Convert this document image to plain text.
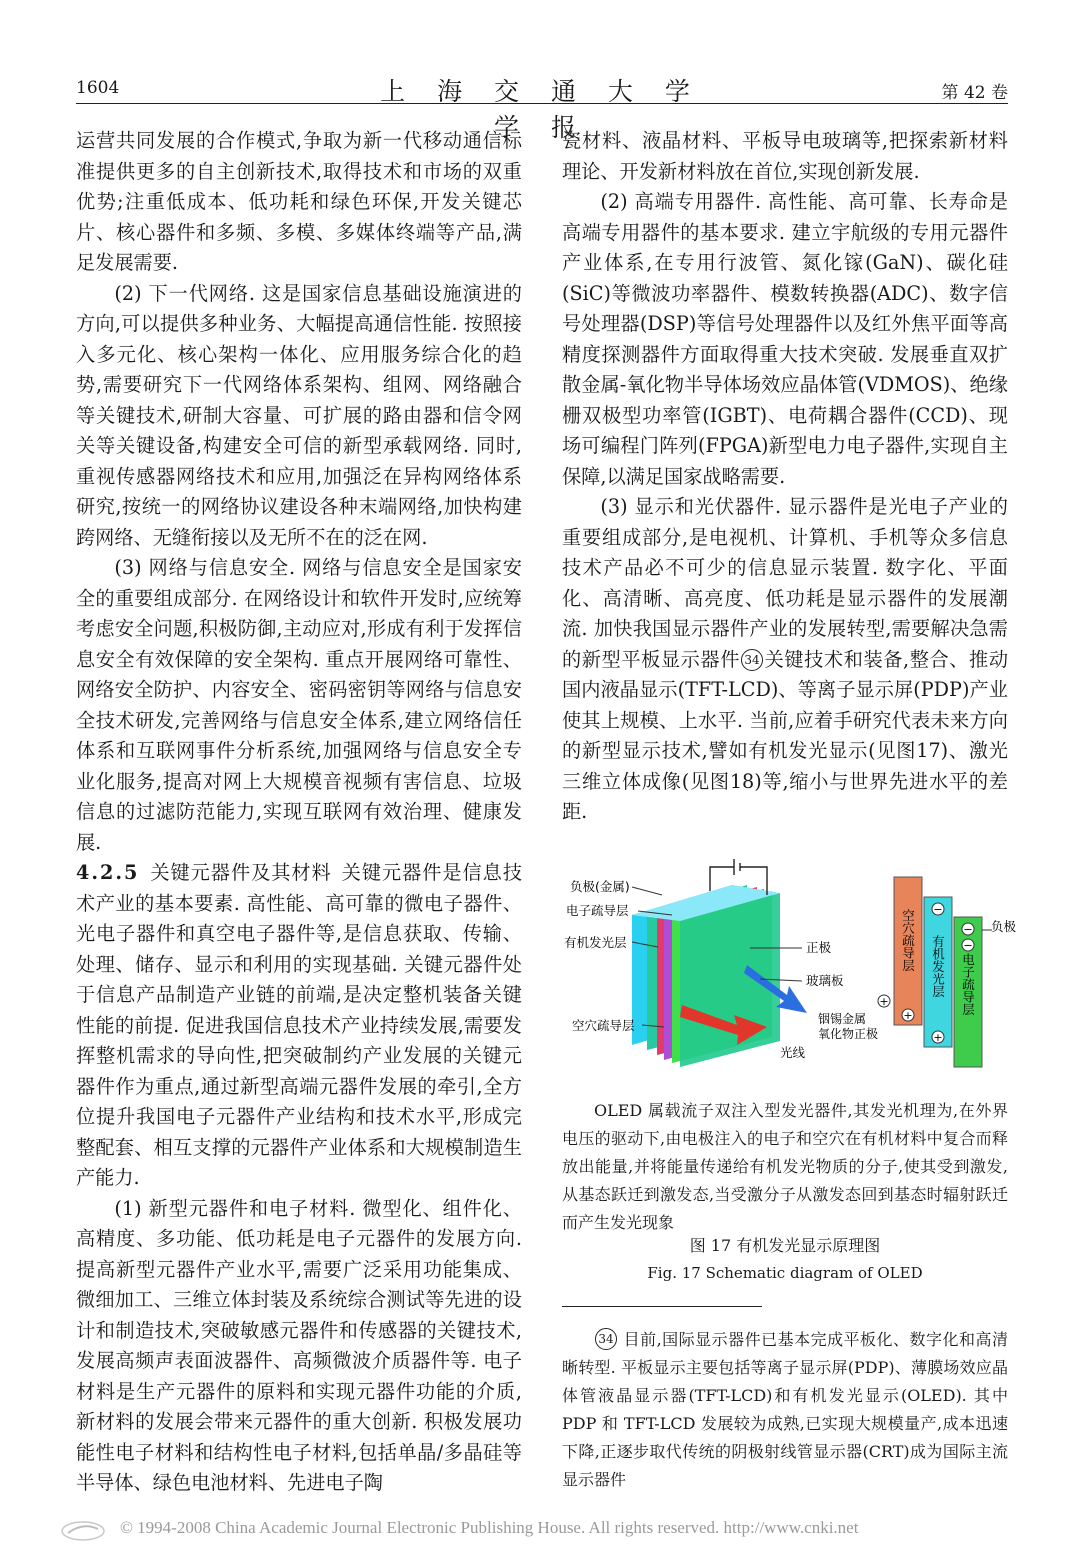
1604	上 海 交 通 大 学 学 报
第 42 卷

运营共同发展的合作模式,争取为新一代移动通信标准提供更多的自主创新技术,取得技术和市场的双重优势;注重低成本、低功耗和绿色环保,开发关键芯片、核心器件和多频、多模、多媒体终端等产品,满足发展需要.

(2) 下一代网络. 这是国家信息基础设施演进的方向,可以提供多种业务、大幅提高通信性能. 按照接入多元化、核心架构一体化、应用服务综合化的趋势,需要研究下一代网络体系架构、组网、网络融合等关键技术,研制大容量、可扩展的路由器和信令网关等关键设备,构建安全可信的新型承载网络. 同时,重视传感器网络技术和应用,加强泛在异构网络体系研究,按统一的网络协议建设各种末端网络,加快构建跨网络、无缝衔接以及无所不在的泛在网.

(3) 网络与信息安全. 网络与信息安全是国家安全的重要组成部分. 在网络设计和软件开发时,应统筹考虑安全问题,积极防御,主动应对,形成有利于发挥信息安全有效保障的安全架构. 重点开展网络可靠性、网络安全防护、内容安全、密码密钥等网络与信息安全技术研发,完善网络与信息安全体系,建立网络信任体系和互联网事件分析系统,加强网络与信息安全专业化服务,提高对网上大规模音视频有害信息、垃圾信息的过滤防范能力,实现互联网有效治理、健康发展.

4.2.5 关键元器件及其材料 关键元器件是信息技术产业的基本要素. 高性能、高可靠的微电子器件、光电子器件和真空电子器件等,是信息获取、传输、处理、储存、显示和利用的实现基础. 关键元器件处于信息产品制造产业链的前端,是决定整机装备关键性能的前提. 促进我国信息技术产业持续发展,需要发挥整机需求的导向性,把突破制约产业发展的关键元器件作为重点,通过新型高端元器件发展的牵引,全方位提升我国电子元器件产业结构和技术水平,形成完整配套、相互支撑的元器件产业体系和大规模制造生产能力.

(1) 新型元器件和电子材料. 微型化、组件化、高精度、多功能、低功耗是电子元器件的发展方向. 提高新型元器件产业水平,需要广泛采用功能集成、微细加工、三维立体封装及系统综合测试等先进的设计和制造技术,突破敏感元器件和传感器的关键技术,发展高频声表面波器件、高频微波介质器件等. 电子材料是生产元器件的原料和实现元器件功能的介质,新材料的发展会带来元器件的重大创新. 积极发展功能性电子材料和结构性电子材料,包括单晶/多晶硅等半导体、绿色电池材料、先进电子陶

瓷材料、液晶材料、平板导电玻璃等,把探索新材料理论、开发新材料放在首位,实现创新发展.

(2) 高端专用器件. 高性能、高可靠、长寿命是高端专用器件的基本要求. 建立宇航级的专用元器件产业体系,在专用行波管、氮化镓(GaN)、碳化硅(SiC)等微波功率器件、模数转换器(ADC)、数字信号处理器(DSP)等信号处理器件以及红外焦平面等高精度探测器件方面取得重大技术突破. 发展垂直双扩散金属-氧化物半导体场效应晶体管(VDMOS)、绝缘栅双极型功率管(IGBT)、电荷耦合器件(CCD)、现场可编程门阵列(FPGA)新型电力电子器件,实现自主保障,以满足国家战略需要.

(3) 显示和光伏器件. 显示器件是光电子产业的重要组成部分,是电视机、计算机、手机等众多信息技术产品必不可少的信息显示装置. 数字化、平面化、高清晰、高亮度、低功耗是显示器件的发展潮流. 加快我国显示器件产业的发展转型,需要解决急需的新型平板显示器件 34 关键技术和装备,整合、推动国内液晶显示(TFT-LCD)、等离子显示屏(PDP)产业使其上规模、上水平. 当前,应着手研究代表未来方向的新型显示技术,譬如有机发光显示(见图17)、激光三维立体成像(见图18)等,缩小与世界先进水平的差距.

负极(金属)
电子疏导层
有机发光层	正极
玻璃板
空穴疏导层	铟锡金属
氧化物正极
光线
空穴疏导层 有机发光层 电子疏导层
负极
+
+
+
−
−
−

OLED 属载流子双注入型发光器件,其发光机理为,在外界电压的驱动下,由电极注入的电子和空穴在有机材料中复合而释放出能量,并将能量传递给有机发光物质的分子,使其受到激发,从基态跃迁到激发态,当受激分子从激发态回到基态时辐射跃迁而产生发光现象

图 17 有机发光显示原理图
Fig. 17 Schematic diagram of OLED

34 目前,国际显示器件已基本完成平板化、数字化和高清晰转型. 平板显示主要包括等离子显示屏(PDP)、薄膜场效应晶体管液晶显示器(TFT-LCD)和有机发光显示(OLED). 其中 PDP 和 TFT-LCD 发展较为成熟,已实现大规模量产,成本迅速下降,正逐步取代传统的阴极射线管显示器(CRT)成为国际主流显示器件

© 1994-2008 China Academic Journal Electronic Publishing House. All rights reserved. http://www.cnki.net
